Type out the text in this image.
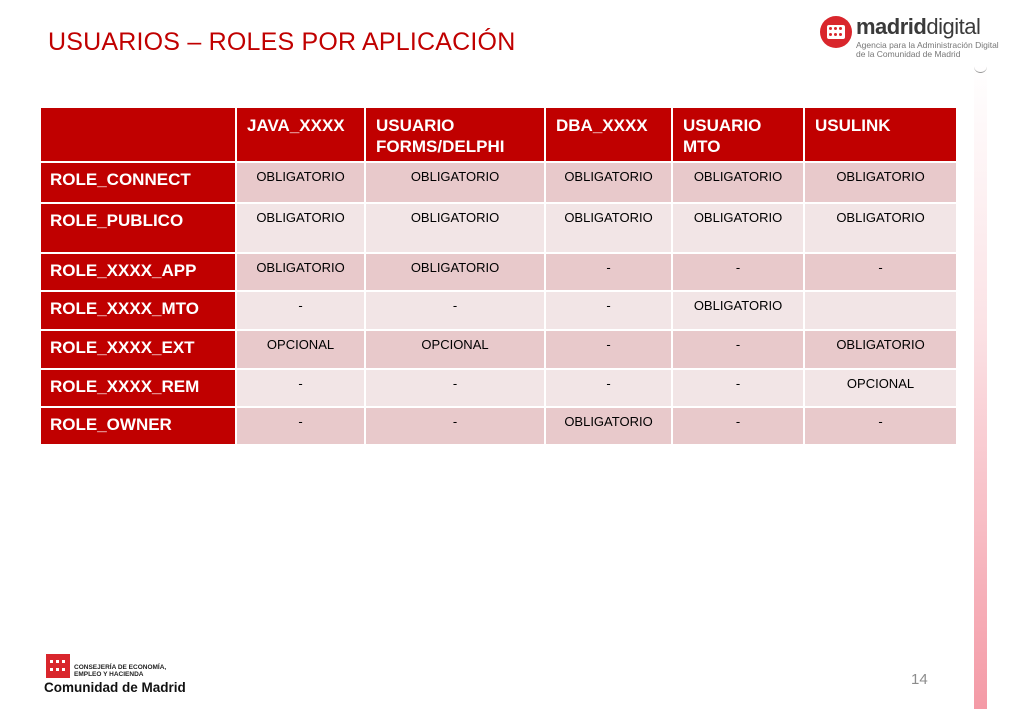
USUARIOS – ROLES POR APLICACIÓN
madriddigital
Agencia para la Administración Digital
de la Comunidad de Madrid
	JAVA_XXXX	USUARIO FORMS/DELPHI	DBA_XXXX	USUARIO MTO	USULINK
ROLE_CONNECT	OBLIGATORIO	OBLIGATORIO	OBLIGATORIO	OBLIGATORIO	OBLIGATORIO
ROLE_PUBLICO	OBLIGATORIO	OBLIGATORIO	OBLIGATORIO	OBLIGATORIO	OBLIGATORIO
ROLE_XXXX_APP	OBLIGATORIO	OBLIGATORIO	-	-	-
ROLE_XXXX_MTO	-	-	-	OBLIGATORIO	
ROLE_XXXX_EXT	OPCIONAL	OPCIONAL	-	-	OBLIGATORIO
ROLE_XXXX_REM	-	-	-	-	OPCIONAL
ROLE_OWNER	-	-	OBLIGATORIO	-	-
CONSEJERÍA DE ECONOMÍA,
EMPLEO Y HACIENDA
Comunidad de Madrid	14
